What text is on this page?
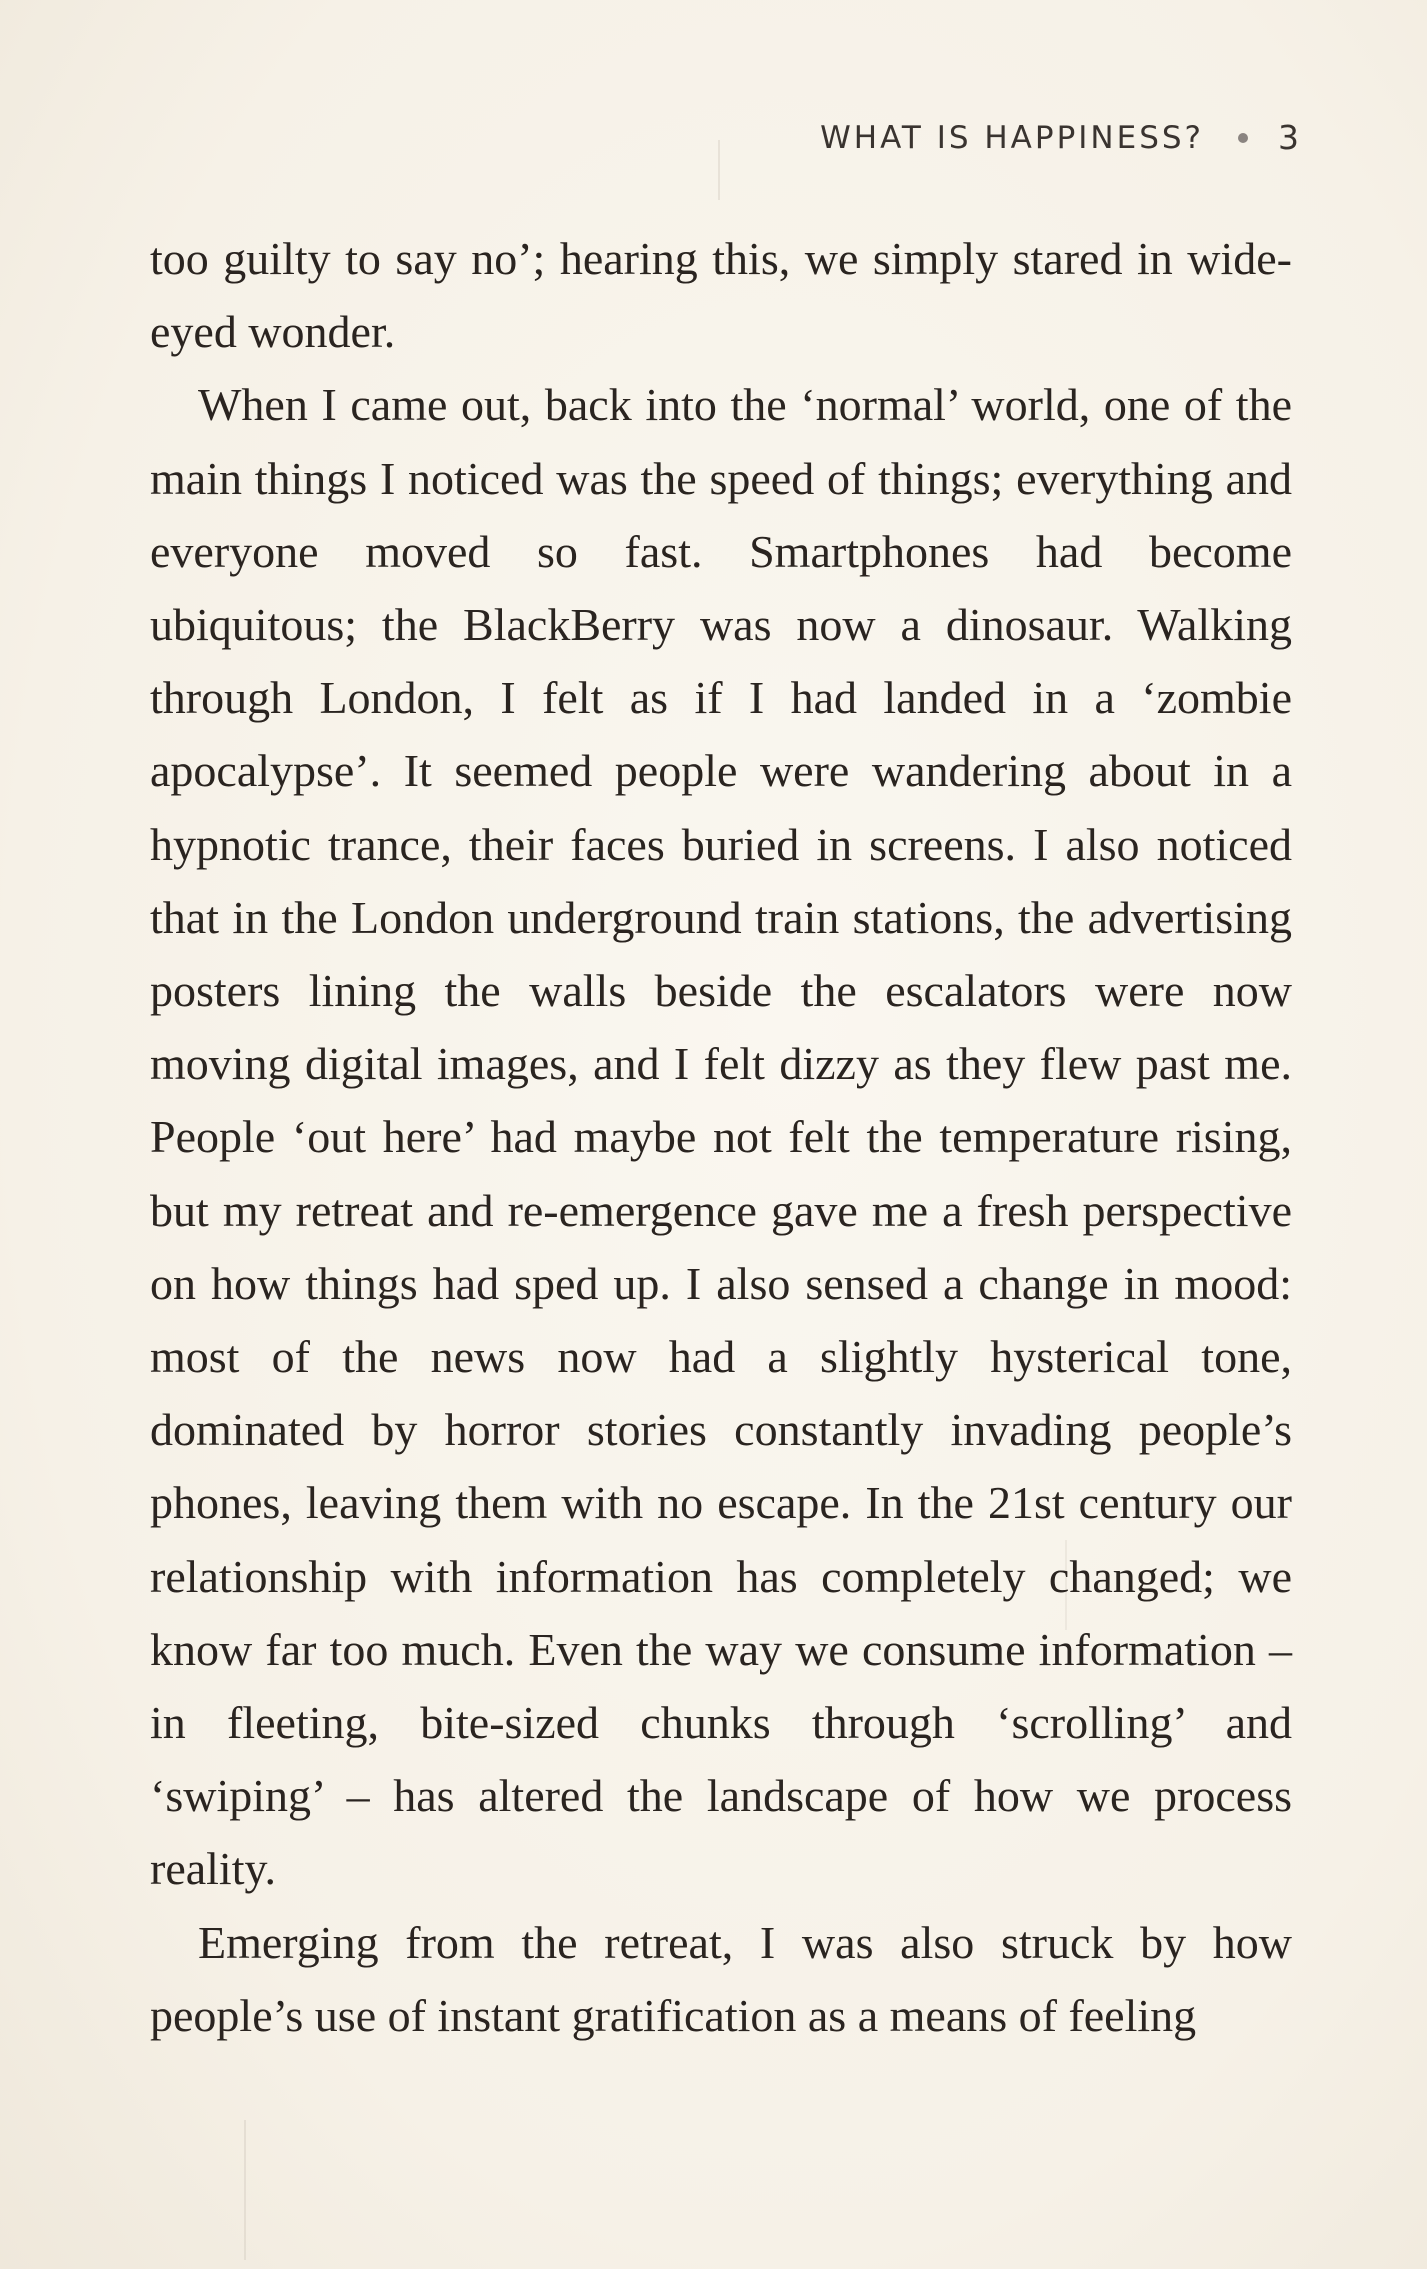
WHAT IS HAPPINESS? 3

too guilty to say no’; hearing this, we simply stared in wide-eyed wonder.

When I came out, back into the ‘normal’ world, one of the main things I noticed was the speed of things; everything and everyone moved so fast. Smartphones had become ubiquitous; the BlackBerry was now a dinosaur. Walking through London, I felt as if I had landed in a ‘zombie apocalypse’. It seemed people were wandering about in a hypnotic trance, their faces buried in screens. I also noticed that in the London underground train stations, the advertising posters lining the walls beside the escalators were now moving digital images, and I felt dizzy as they flew past me. People ‘out here’ had maybe not felt the temperature rising, but my retreat and re-emergence gave me a fresh perspective on how things had sped up. I also sensed a change in mood: most of the news now had a slightly hysterical tone, dominated by horror stories constantly invading people’s phones, leaving them with no escape. In the 21st century our relationship with information has completely changed; we know far too much. Even the way we consume information – in fleeting, bite-sized chunks through ‘scrolling’ and ‘swiping’ – has altered the landscape of how we process reality.

Emerging from the retreat, I was also struck by how people’s use of instant gratification as a means of feeling
